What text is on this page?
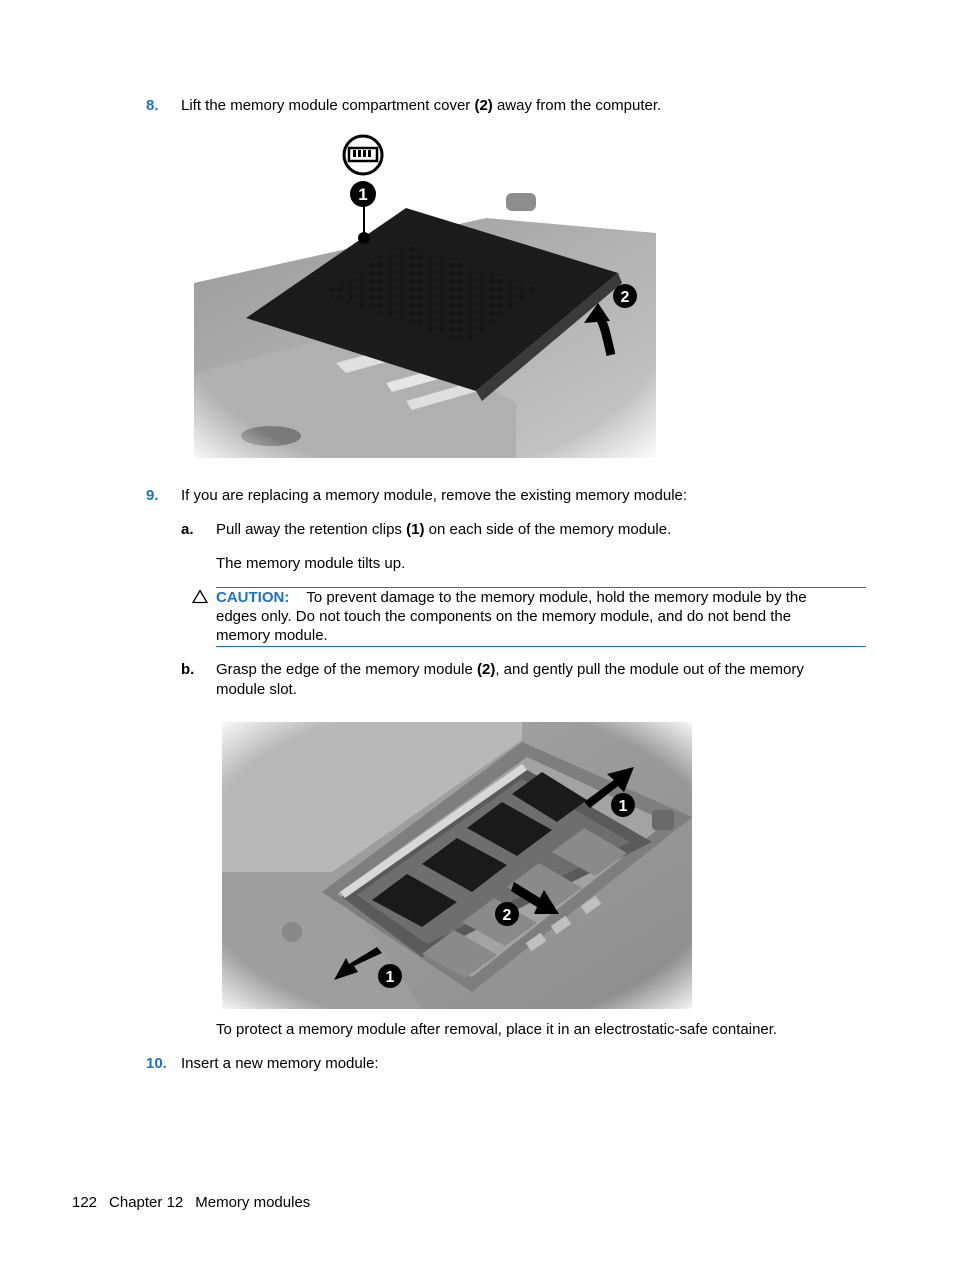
8. Lift the memory module compartment cover (2) away from the computer.
9. If you are replacing a memory module, remove the existing memory module:
a. Pull away the retention clips (1) on each side of the memory module.
The memory module tilts up.
CAUTION: To prevent damage to the memory module, hold the memory module by the
edges only. Do not touch the components on the memory module, and do not bend the
memory module.
b. Grasp the edge of the memory module (2), and gently pull the module out of the memory
module slot.
To protect a memory module after removal, place it in an electrostatic-safe container.
10. Insert a new memory module:
122 Chapter 12 Memory modules
